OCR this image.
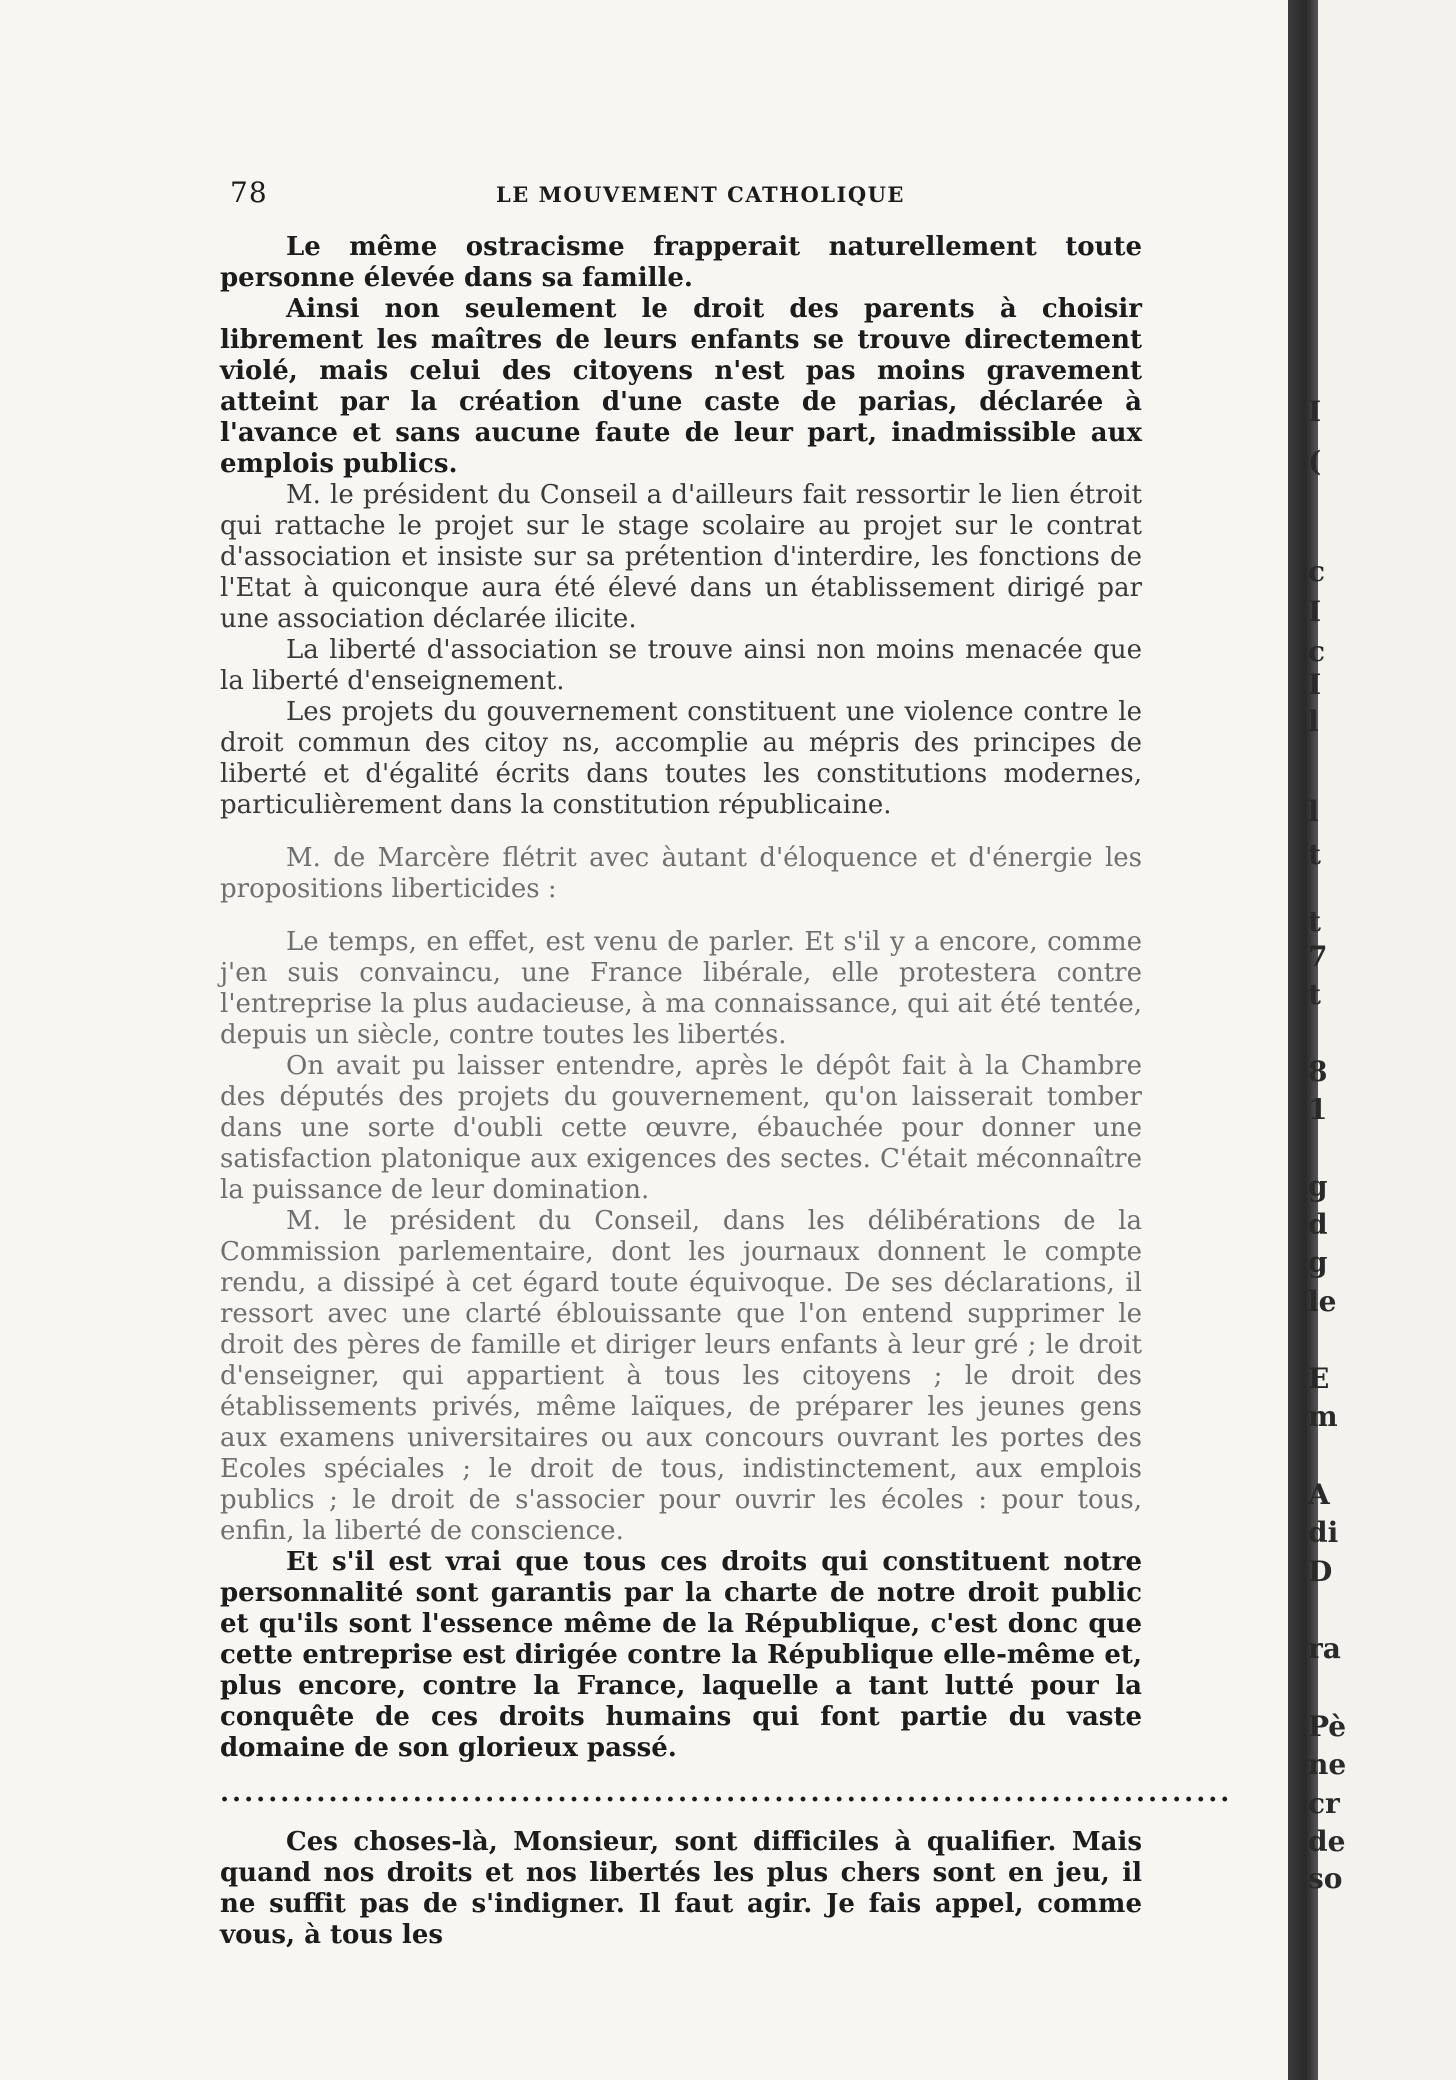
I
(
c
I
c
I
l
l
t
t
7
t
8
1
g
d
g
le
E
m
A
di
D
ra
Pè
ne
cr
de
so
78	LE MOUVEMENT CATHOLIQUE

Le même ostracisme frapperait naturellement toute personne élevée dans sa famille.

Ainsi non seulement le droit des parents à choisir librement les maîtres de leurs enfants se trouve directement violé, mais celui des citoyens n'est pas moins gravement atteint par la création d'une caste de parias, déclarée à l'avance et sans aucune faute de leur part, inadmissible aux emplois publics.

M. le président du Conseil a d'ailleurs fait ressortir le lien étroit qui rattache le projet sur le stage scolaire au projet sur le contrat d'association et insiste sur sa prétention d'interdire, les fonctions de l'Etat à quiconque aura été élevé dans un établissement dirigé par une association déclarée ilicite.

La liberté d'association se trouve ainsi non moins menacée que la liberté d'enseignement.

Les projets du gouvernement constituent une violence contre le droit commun des citoy ns, accomplie au mépris des principes de liberté et d'égalité écrits dans toutes les constitutions modernes, particulièrement dans la constitution républicaine.

M. de Marcère flétrit avec àutant d'éloquence et d'énergie les propositions liberticides :

Le temps, en effet, est venu de parler. Et s'il y a encore, comme j'en suis convaincu, une France libérale, elle protestera contre l'entreprise la plus audacieuse, à ma connaissance, qui ait été tentée, depuis un siècle, contre toutes les libertés.

On avait pu laisser entendre, après le dépôt fait à la Chambre des députés des projets du gouvernement, qu'on laisserait tomber dans une sorte d'oubli cette œuvre, ébauchée pour donner une satisfaction platonique aux exigences des sectes. C'était méconnaître la puissance de leur domination.

M. le président du Conseil, dans les délibérations de la Commission parlementaire, dont les journaux donnent le compte rendu, a dissipé à cet égard toute équivoque. De ses déclarations, il ressort avec une clarté éblouissante que l'on entend supprimer le droit des pères de famille et diriger leurs enfants à leur gré ; le droit d'enseigner, qui appartient à tous les citoyens ; le droit des établissements privés, même laïques, de préparer les jeunes gens aux examens universitaires ou aux concours ouvrant les portes des Ecoles spéciales ; le droit de tous, indistinctement, aux emplois publics ; le droit de s'associer pour ouvrir les écoles : pour tous, enfin, la liberté de conscience.

Et s'il est vrai que tous ces droits qui constituent notre personnalité sont garantis par la charte de notre droit public et qu'ils sont l'essence même de la République, c'est donc que cette entreprise est dirigée contre la République elle-même et, plus encore, contre la France, laquelle a tant lutté pour la conquête de ces droits humains qui font partie du vaste domaine de son glorieux passé.

....................................................................................

Ces choses-là, Monsieur, sont difficiles à qualifier. Mais quand nos droits et nos libertés les plus chers sont en jeu, il ne suffit pas de s'indigner. Il faut agir. Je fais appel, comme vous, à tous les
